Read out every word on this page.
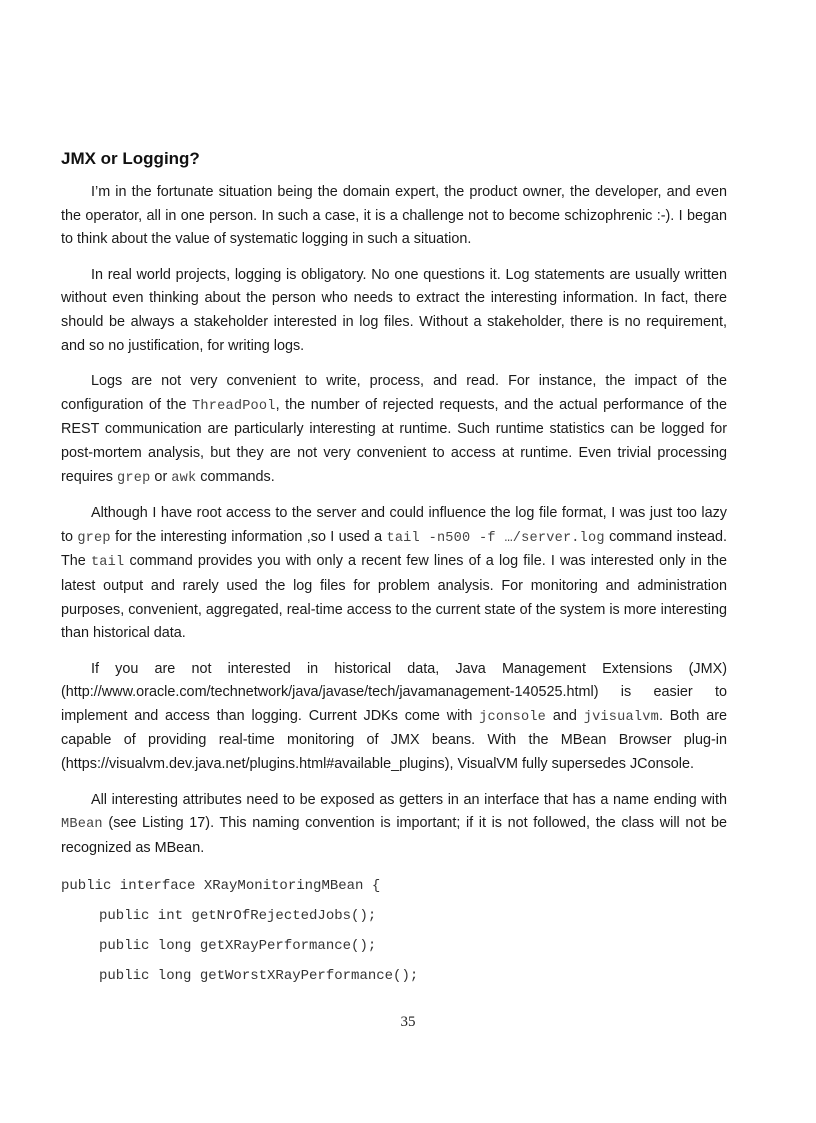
JMX or Logging?

I’m in the fortunate situation being the domain expert, the product owner, the developer, and even the operator, all in one person. In such a case, it is a challenge not to become schizophrenic :-). I began to think about the value of systematic logging in such a situation.

In real world projects, logging is obligatory. No one questions it. Log statements are usually written without even thinking about the person who needs to extract the interesting information. In fact, there should be always a stakeholder interested in log files. Without a stakeholder, there is no requirement, and so no justification, for writing logs.

Logs are not very convenient to write, process, and read. For instance, the impact of the configuration of the ThreadPool, the number of rejected requests, and the actual performance of the REST communication are particularly interesting at runtime. Such runtime statistics can be logged for post-mortem analysis, but they are not very convenient to access at runtime. Even trivial processing requires grep or awk commands.

Although I have root access to the server and could influence the log file format, I was just too lazy to grep for the interesting information ,so I used a tail -n500 -f …/server.log command instead. The tail command provides you with only a recent few lines of a log file. I was interested only in the latest output and rarely used the log files for problem analysis. For monitoring and administration purposes, convenient, aggregated, real-time access to the current state of the system is more interesting than historical data.

If you are not interested in historical data, Java Management Extensions (JMX) (http://www.oracle.com/technetwork/java/javase/tech/javamanagement-140525.html) is easier to implement and access than logging. Current JDKs come with jconsole and jvisualvm. Both are capable of providing real-time monitoring of JMX beans. With the MBean Browser plug-in (https://visualvm.dev.java.net/plugins.html#available_plugins), VisualVM fully supersedes JConsole.

All interesting attributes need to be exposed as getters in an interface that has a name ending with MBean (see Listing 17). This naming convention is important; if it is not followed, the class will not be recognized as MBean.

public interface XRayMonitoringMBean {
public int getNrOfRejectedJobs();
public long getXRayPerformance();
public long getWorstXRayPerformance();
35
